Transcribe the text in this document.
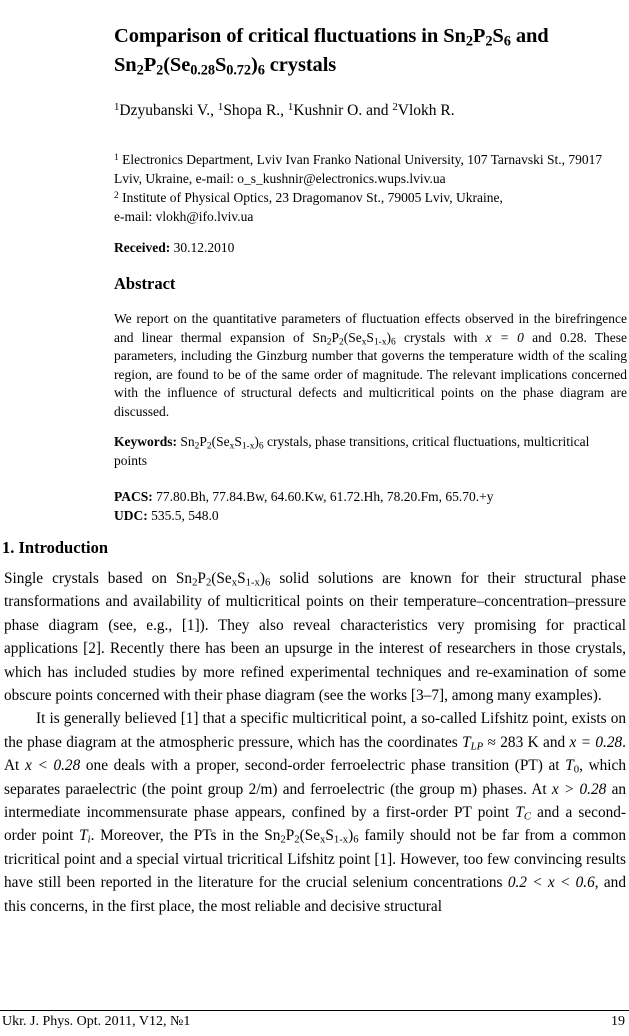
Comparison of critical fluctuations in $Sn_2P_2S_6$ and
$Sn_2P_2(Se_{0.28}S_{0.72})_6$ crystals
$^1$Dzyubanski V., $^1$Shopa R., $^1$Kushnir O. and $^2$Vlokh R.
$^1$ Electronics Department, Lviv Ivan Franko National University, 107 Tarnavski St., 79017 Lviv, Ukraine, e-mail: o_s_kushnir@electronics.wups.lviv.ua
$^2$ Institute of Physical Optics, 23 Dragomanov St., 79005 Lviv, Ukraine,
e-mail: vlokh@ifo.lviv.ua
Received: 30.12.2010
Abstract
We report on the quantitative parameters of fluctuation effects observed in the birefringence and linear thermal expansion of $Sn_2P_2(Se_xS_{1-x})_6$ crystals with x = 0 and 0.28. These parameters, including the Ginzburg number that governs the temperature width of the scaling region, are found to be of the same order of magnitude. The relevant implications concerned with the influence of structural defects and multicritical points on the phase diagram are discussed.
Keywords: $Sn_2P_2(Se_xS_{1-x})_6$ crystals, phase transitions, critical fluctuations, multicritical points
PACS: 77.80.Bh, 77.84.Bw, 64.60.Kw, 61.72.Hh, 78.20.Fm, 65.70.+y
UDC: 535.5, 548.0
1. Introduction

Single crystals based on $Sn_2P_2(Se_xS_{1-x})_6$ solid solutions are known for their structural phase transformations and availability of multicritical points on their temperature–concentration–pressure phase diagram (see, e.g., [1]). They also reveal characteristics very promising for practical applications [2]. Recently there has been an upsurge in the interest of researchers in those crystals, which has included studies by more refined experimental techniques and re-examination of some obscure points concerned with their phase diagram (see the works [3–7], among many examples).

It is generally believed [1] that a specific multicritical point, a so-called Lifshitz point, exists on the phase diagram at the atmospheric pressure, which has the coordinates $T_{LP} \approx 283$ K and x = 0.28. At x < 0.28 one deals with a proper, second-order ferroelectric phase transition (PT) at $T_0$, which separates paraelectric (the point group 2/m) and ferroelectric (the group m) phases. At x > 0.28 an intermediate incommensurate phase appears, confined by a first-order PT point $T_C$ and a second-order point $T_i$. Moreover, the PTs in the $Sn_2P_2(Se_xS_{1-x})_6$ family should not be far from a common tricritical point and a special virtual tricritical Lifshitz point [1]. However, too few convincing results have still been reported in the literature for the crucial selenium concentrations 0.2 < x < 0.6, and this concerns, in the first place, the most reliable and decisive structural

Ukr. J. Phys. Opt. 2011, V12, №1	19
